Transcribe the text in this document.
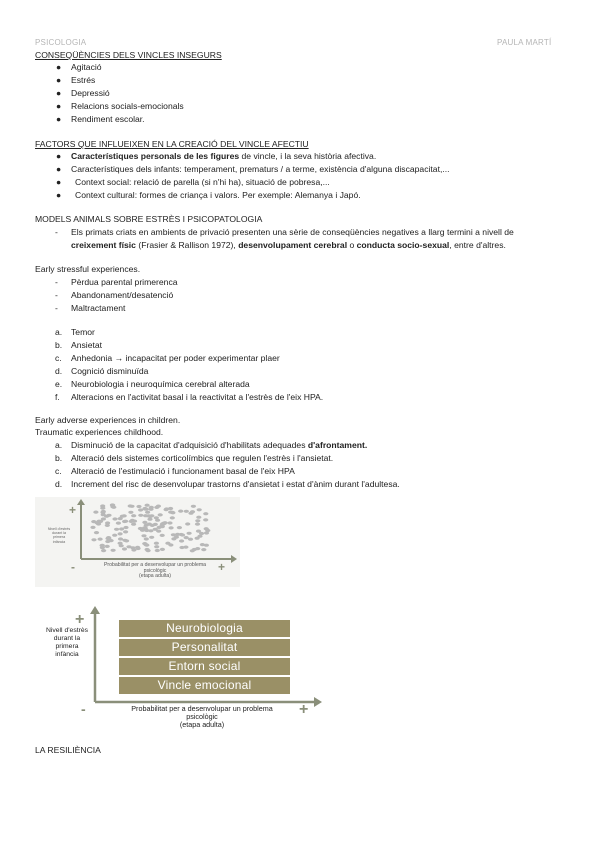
PSICOLOGIA	PAULA MARTÍ
CONSEQÜÈNCIES DELS VINCLES INSEGURS
● Agitació
● Estrés
● Depressió
● Relacions socials-emocionals
● Rendiment escolar.
FACTORS QUE INFLUEIXEN EN LA CREACIÓ DEL VINCLE AFECTIU
● Característiques personals de les figures de vincle, i la seva història afectiva.
● Característiques dels infants: temperament, prematurs / a terme, existència d'alguna discapacitat,...
● Context social: relació de parella (si n'hi ha), situació de pobresa,...
● Context cultural: formes de criança i valors. Per exemple: Alemanya i Japó.
MODELS ANIMALS SOBRE ESTRÈS I PSICOPATOLOGIA
- Els primats criats en ambients de privació presenten una sèrie de conseqüències negatives a llarg termini a nivell de
creixement físic (Frasier & Rallison 1972), desenvolupament cerebral o conducta socio-sexual, entre d'altres.
Early stressful experiences.
- Pèrdua parental primerenca
- Abandonament/desatenció
- Maltractament
a. Temor
b. Ansietat
c. Anhedonia → incapacitat per poder experimentar plaer
d. Cognició disminuïda
e. Neurobiologia i neuroquímica cerebral alterada
f. Alteracions en l'activitat basal i la reactivitat a l'estrès de l'eix HPA.
Early adverse experiences in children.
Traumatic experiences childhood.
a. Disminució de la capacitat d'adquisició d'habilitats adequades d'afrontament.
b. Alteració dels sistemes corticolímbics que regulen l'estrès i l'ansietat.
c. Alteració de l'estimulació i funcionament basal de l'eix HPA
d. Increment del risc de desenvolupar trastorns d'ansietat i estat d'ànim durant l'adultesa.
+
-	+
Nivell d'estrès
durant la
primera
infància
Probabilitat per a desenvolupar un problema
psicològic
(etapa adulta)
Neurobiologia
Personalitat
Entorn social
Vincle emocional
+
-	+
Nivell d'estrès
durant la
primera
infància
Probabilitat per a desenvolupar un problema
psicològic
(etapa adulta)
LA RESILIÈNCIA
